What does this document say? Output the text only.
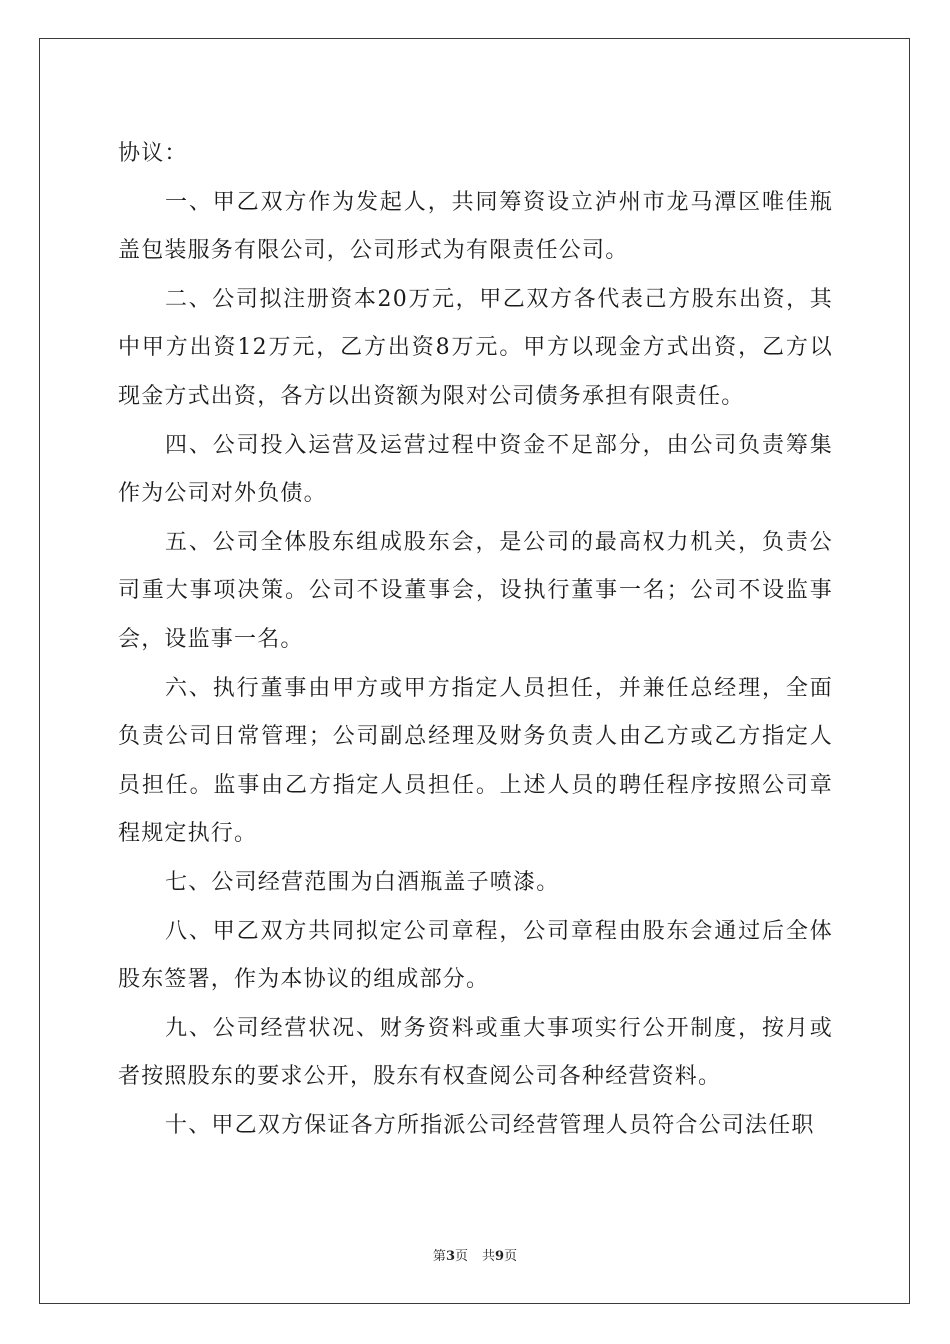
协议：

一、甲乙双方作为发起人，共同筹资设立泸州市龙马潭区唯佳瓶盖包装服务有限公司，公司形式为有限责任公司。

二、公司拟注册资本20万元，甲乙双方各代表己方股东出资，其中甲方出资12万元，乙方出资8万元。甲方以现金方式出资，乙方以现金方式出资，各方以出资额为限对公司债务承担有限责任。

四、公司投入运营及运营过程中资金不足部分，由公司负责筹集作为公司对外负债。

五、公司全体股东组成股东会，是公司的最高权力机关，负责公司重大事项决策。公司不设董事会，设执行董事一名；公司不设监事会，设监事一名。

六、执行董事由甲方或甲方指定人员担任，并兼任总经理，全面负责公司日常管理；公司副总经理及财务负责人由乙方或乙方指定人员担任。监事由乙方指定人员担任。上述人员的聘任程序按照公司章程规定执行。

七、公司经营范围为白酒瓶盖子喷漆。

八、甲乙双方共同拟定公司章程，公司章程由股东会通过后全体股东签署，作为本协议的组成部分。

九、公司经营状况、财务资料或重大事项实行公开制度，按月或者按照股东的要求公开，股东有权查阅公司各种经营资料。

十、甲乙双方保证各方所指派公司经营管理人员符合公司法任职

第3页 共9页
